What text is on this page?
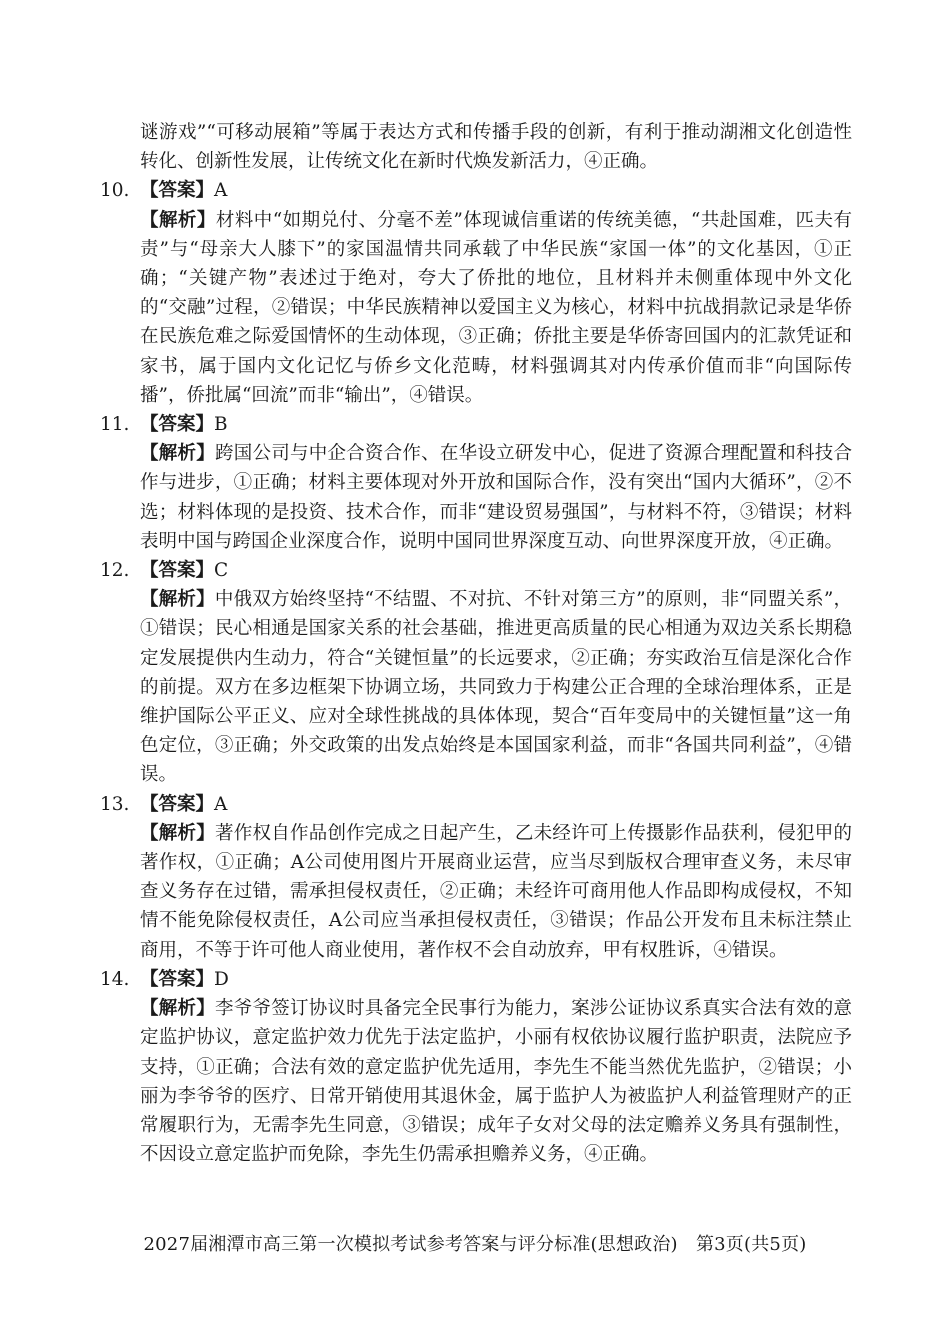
谜游戏”“可移动展箱”等属于表达方式和传播手段的创新，有利于推动湖湘文化创造性转化、创新性发展，让传统文化在新时代焕发新活力，④正确。

10. 【答案】 A

【解析】材料中“如期兑付、分毫不差”体现诚信重诺的传统美德，“共赴国难，匹夫有责”与“母亲大人膝下”的家国温情共同承载了中华民族“家国一体”的文化基因，①正确；“关键产物”表述过于绝对，夸大了侨批的地位，且材料并未侧重体现中外文化的“交融”过程，②错误；中华民族精神以爱国主义为核心，材料中抗战捐款记录是华侨在民族危难之际爱国情怀的生动体现，③正确；侨批主要是华侨寄回国内的汇款凭证和家书，属于国内文化记忆与侨乡文化范畴，材料强调其对内传承价值而非“向国际传播”，侨批属“回流”而非“输出”，④错误。

11. 【答案】 B

【解析】跨国公司与中企合资合作、在华设立研发中心，促进了资源合理配置和科技合作与进步，①正确；材料主要体现对外开放和国际合作，没有突出“国内大循环”，②不选；材料体现的是投资、技术合作，而非“建设贸易强国”，与材料不符，③错误；材料表明中国与跨国企业深度合作，说明中国同世界深度互动、向世界深度开放，④正确。

12. 【答案】 C

【解析】中俄双方始终坚持“不结盟、不对抗、不针对第三方”的原则，非“同盟关系”，①错误；民心相通是国家关系的社会基础，推进更高质量的民心相通为双边关系长期稳定发展提供内生动力，符合“关键恒量”的长远要求，②正确；夯实政治互信是深化合作的前提。双方在多边框架下协调立场，共同致力于构建公正合理的全球治理体系，正是维护国际公平正义、应对全球性挑战的具体体现，契合“百年变局中的关键恒量”这一角色定位，③正确；外交政策的出发点始终是本国国家利益，而非“各国共同利益”，④错误。

13. 【答案】 A

【解析】著作权自作品创作完成之日起产生，乙未经许可上传摄影作品获利，侵犯甲的著作权，①正确；A公司使用图片开展商业运营，应当尽到版权合理审查义务，未尽审查义务存在过错，需承担侵权责任，②正确；未经许可商用他人作品即构成侵权，不知情不能免除侵权责任，A公司应当承担侵权责任，③错误；作品公开发布且未标注禁止商用，不等于许可他人商业使用，著作权不会自动放弃，甲有权胜诉，④错误。

14. 【答案】 D

【解析】李爷爷签订协议时具备完全民事行为能力，案涉公证协议系真实合法有效的意定监护协议，意定监护效力优先于法定监护，小丽有权依协议履行监护职责，法院应予支持，①正确；合法有效的意定监护优先适用，李先生不能当然优先监护，②错误；小丽为李爷爷的医疗、日常开销使用其退休金，属于监护人为被监护人利益管理财产的正常履职行为，无需李先生同意，③错误；成年子女对父母的法定赡养义务具有强制性，不因设立意定监护而免除，李先生仍需承担赡养义务，④正确。

2027届湘潭市高三第一次模拟考试参考答案与评分标准(思想政治)　第3页(共5页)
